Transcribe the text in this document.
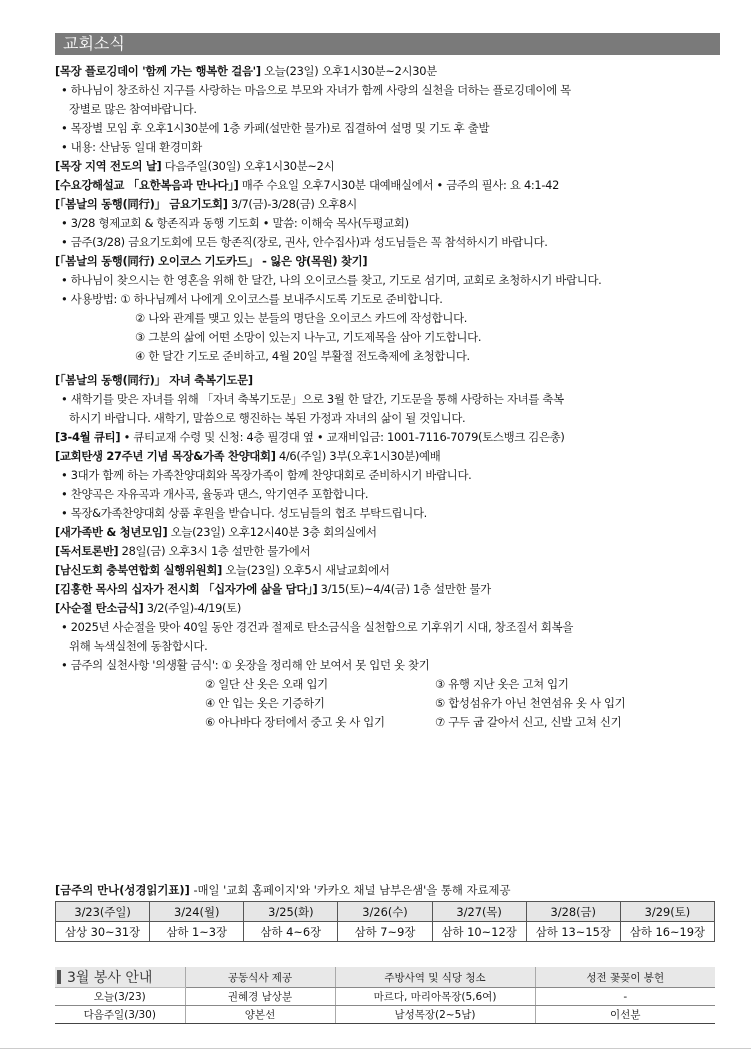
교회소식
[목장 플로깅데이 '함께 가는 행복한 걸음'] 오늘(23일) 오후1시30분~2시30분
• 하나님이 창조하신 지구를 사랑하는 마음으로 부모와 자녀가 함께 사랑의 실천을 더하는 플로깅데이에 목
장별로 많은 참여바랍니다.
• 목장별 모임 후 오후1시30분에 1층 카페(설만한 물가)로 집결하여 설명 및 기도 후 출발
• 내용: 산남동 일대 환경미화
[목장 지역 전도의 날] 다음주일(30일) 오후1시30분~2시
[수요강해설교 「요한복음과 만나다」] 매주 수요일 오후7시30분 대예배실에서 • 금주의 필사: 요 4:1-42
[「봄날의 동행(同行)」 금요기도회] 3/7(금)-3/28(금) 오후8시
• 3/28 형제교회 & 항존직과 동행 기도회 • 말씀: 이해숙 목사(두평교회)
• 금주(3/28) 금요기도회에 모든 항존직(장로, 권사, 안수집사)과 성도님들은 꼭 참석하시기 바랍니다.
[「봄날의 동행(同行) 오이코스 기도카드」 - 잃은 양(목원) 찾기]
• 하나님이 찾으시는 한 영혼을 위해 한 달간, 나의 오이코스를 찾고, 기도로 섬기며, 교회로 초청하시기 바랍니다.
• 사용방법: ① 하나님께서 나에게 오이코스를 보내주시도록 기도로 준비합니다.
② 나와 관계를 맺고 있는 분들의 명단을 오이코스 카드에 작성합니다.
③ 그분의 삶에 어떤 소망이 있는지 나누고, 기도제목을 삼아 기도합니다.
④ 한 달간 기도로 준비하고, 4월 20일 부활절 전도축제에 초청합니다.
[「봄날의 동행(同行)」 자녀 축복기도문]
• 새학기를 맞은 자녀를 위해 「자녀 축복기도문」으로 3월 한 달간, 기도문을 통해 사랑하는 자녀를 축복
하시기 바랍니다. 새학기, 말씀으로 행진하는 복된 가정과 자녀의 삶이 될 것입니다.
[3-4월 큐티] • 큐티교재 수령 및 신청: 4층 필경대 옆 • 교재비입금: 1001-7116-7079(토스뱅크 김은총)
[교회탄생 27주년 기념 목장&가족 찬양대회] 4/6(주일) 3부(오후1시30분)예배
• 3대가 함께 하는 가족찬양대회와 목장가족이 함께 찬양대회로 준비하시기 바랍니다.
• 찬양곡은 자유곡과 개사곡, 율동과 댄스, 악기연주 포함합니다.
• 목장&가족찬양대회 상품 후원을 받습니다. 성도님들의 협조 부탁드립니다.
[새가족반 & 청년모임] 오늘(23일) 오후12시40분 3층 회의실에서
[독서토론반] 28일(금) 오후3시 1층 설만한 물가에서
[남신도회 충북연합회 실행위원회] 오늘(23일) 오후5시 새날교회에서
[김홍한 목사의 십자가 전시회 「십자가에 삶을 담다」] 3/15(토)~4/4(금) 1층 설만한 물가
[사순절 탄소금식] 3/2(주일)-4/19(토)
• 2025년 사순절을 맞아 40일 동안 경건과 절제로 탄소금식을 실천함으로 기후위기 시대, 창조질서 회복을
위해 녹색실천에 동참합시다.
• 금주의 실천사항 '의생활 금식': ① 옷장을 정리해 안 보여서 못 입던 옷 찾기
② 일단 산 옷은 오래 입기	③ 유행 지난 옷은 고쳐 입기
④ 안 입는 옷은 기증하기	⑤ 합성섬유가 아닌 천연섬유 옷 사 입기
⑥ 아나바다 장터에서 중고 옷 사 입기	⑦ 구두 굽 갈아서 신고, 신발 고쳐 신기
[금주의 만나(성경읽기표)] -매일 '교회 홈페이지'와 '카카오 채널 남부은샘'을 통해 자료제공
3/23(주일)	3/24(월)	3/25(화)	3/26(수)	3/27(목)	3/28(금)	3/29(토)
삼상 30~31장	삼하 1~3장	삼하 4~6장	삼하 7~9장	삼하 10~12장	삼하 13~15장	삼하 16~19장
3월 봉사 안내	공동식사 제공	주방사역 및 식당 청소	성전 꽃꽂이 봉헌
오늘(3/23)	권혜경 남상분	마르다, 마리아목장(5,6여)	-
다음주일(3/30)	양본선	남성목장(2~5남)	이선분
